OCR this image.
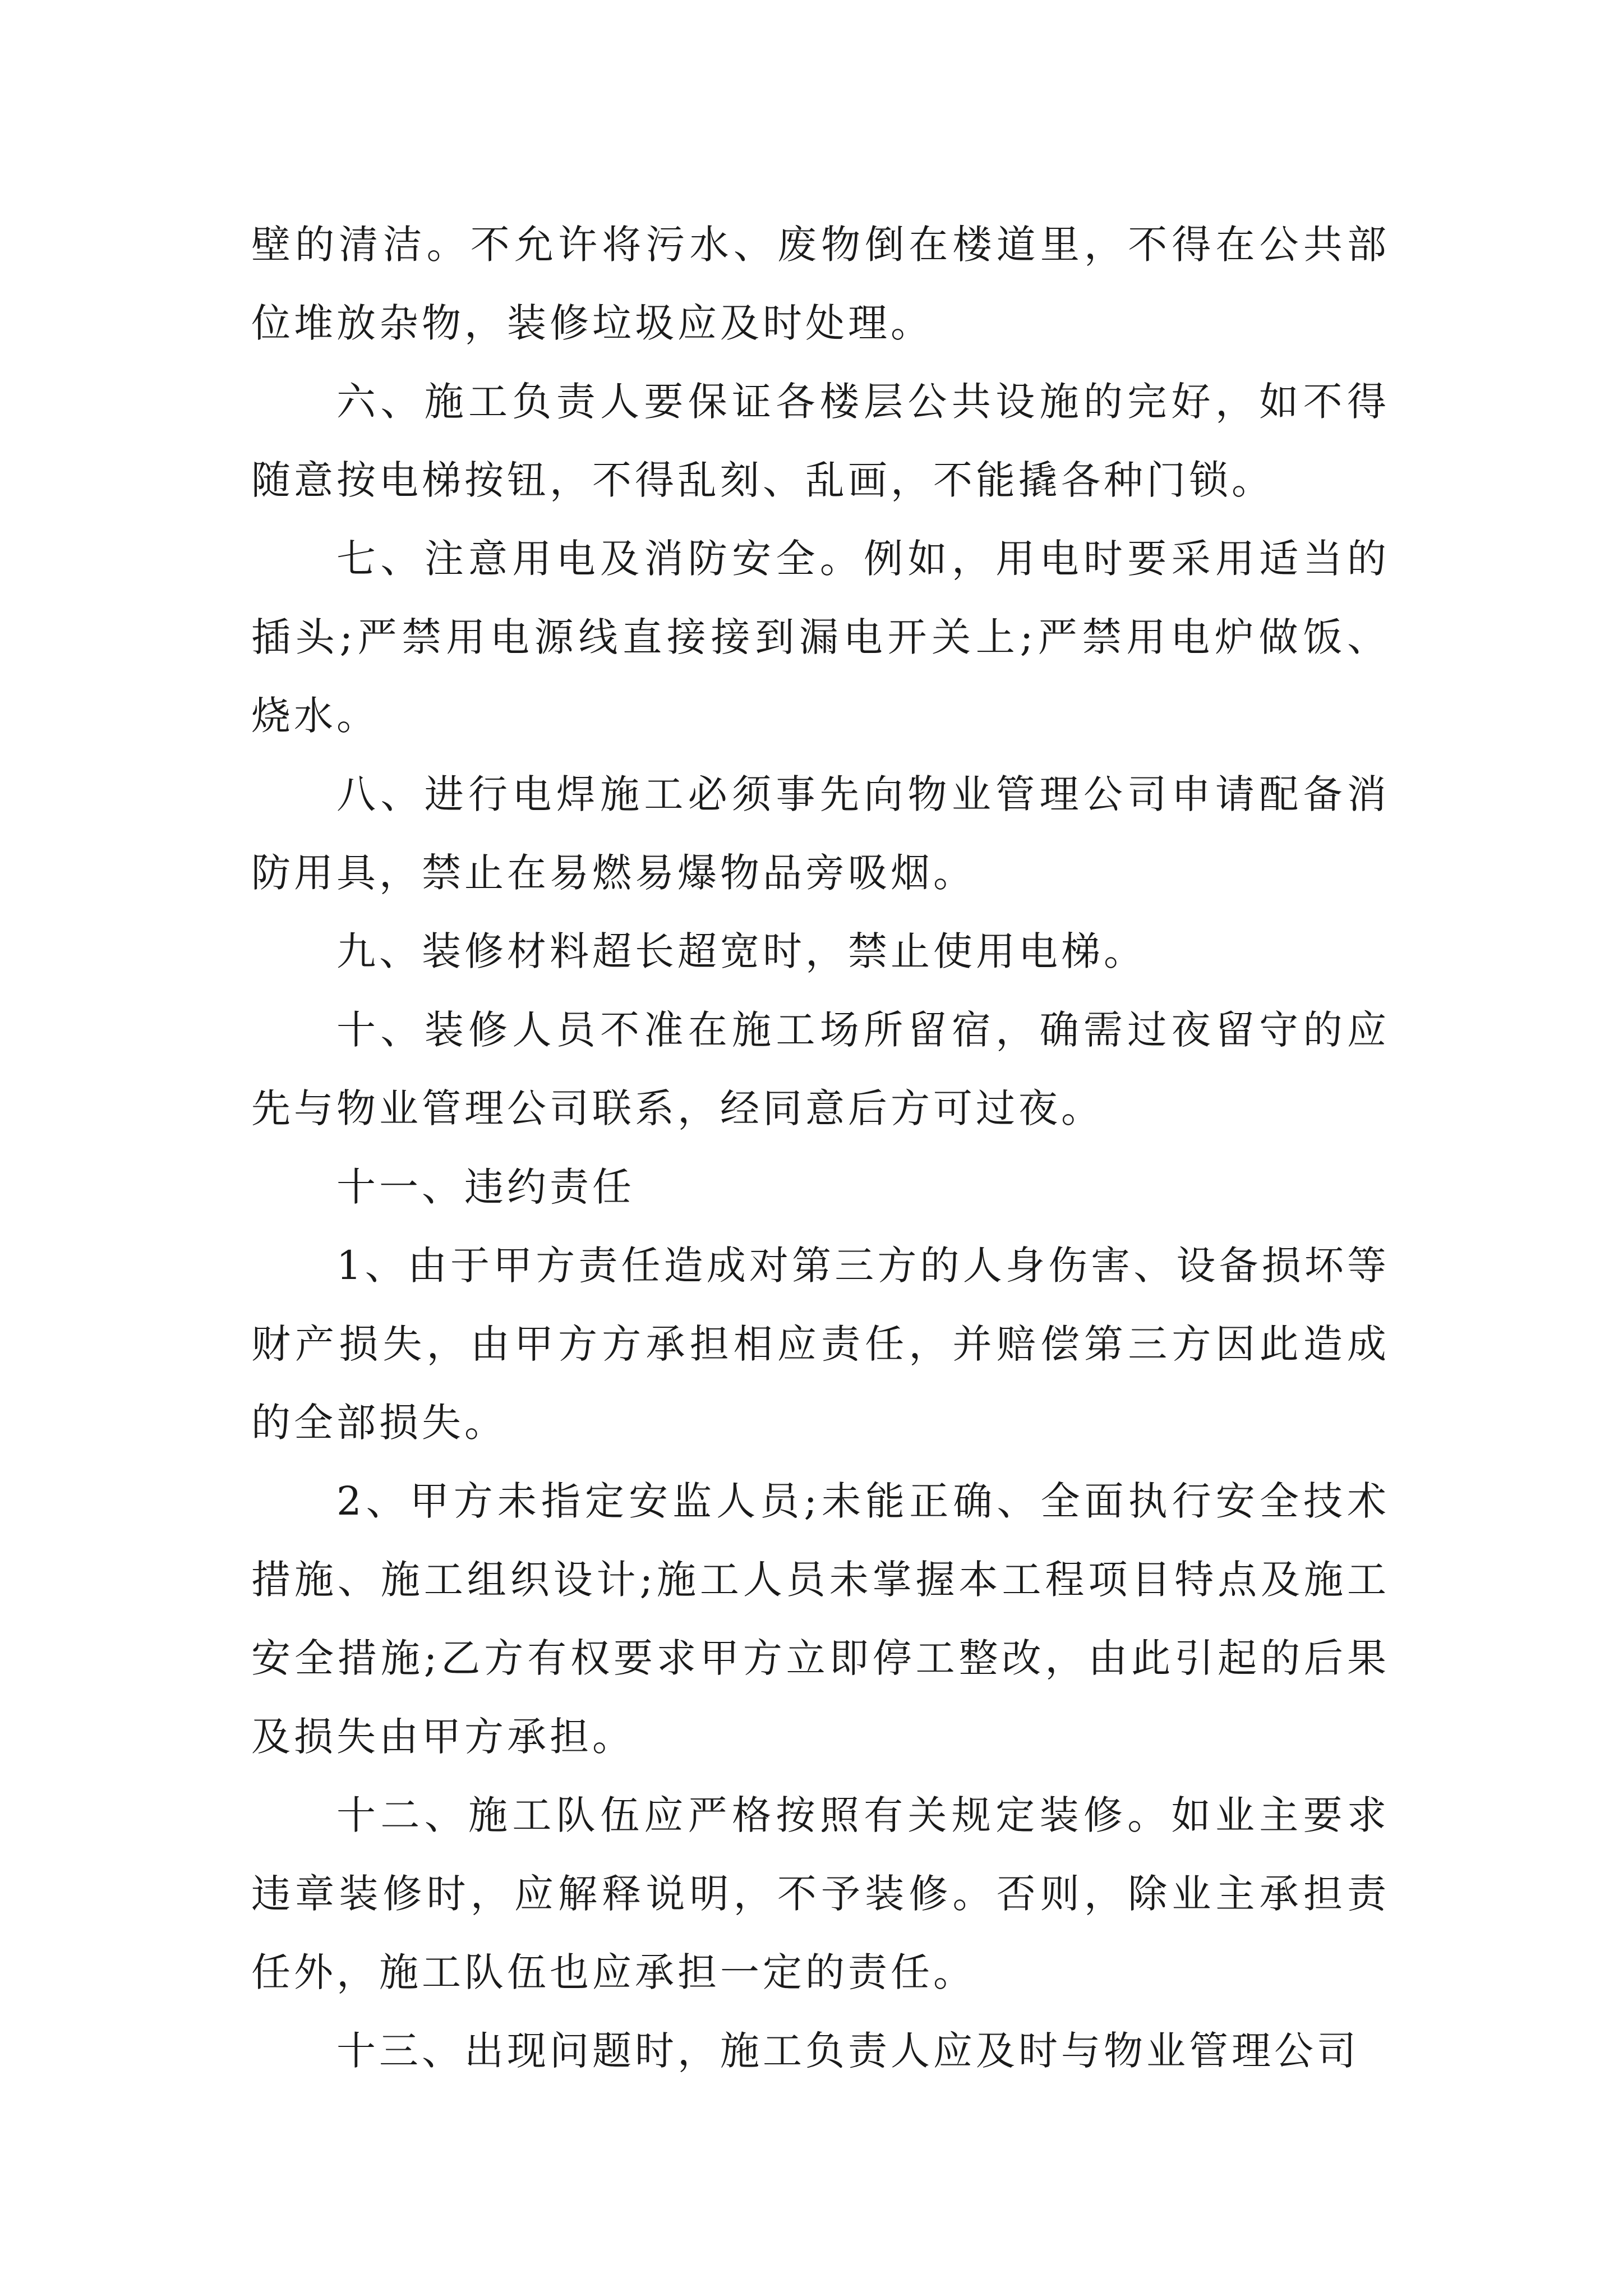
壁的清洁。不允许将污水、废物倒在楼道里，不得在公共部位堆放杂物，装修垃圾应及时处理。

六、施工负责人要保证各楼层公共设施的完好，如不得随意按电梯按钮，不得乱刻、乱画，不能撬各种门锁。

七、注意用电及消防安全。例如，用电时要采用适当的插头;严禁用电源线直接接到漏电开关上;严禁用电炉做饭、烧水。

八、进行电焊施工必须事先向物业管理公司申请配备消防用具，禁止在易燃易爆物品旁吸烟。

九、装修材料超长超宽时，禁止使用电梯。

十、装修人员不准在施工场所留宿，确需过夜留守的应先与物业管理公司联系，经同意后方可过夜。

十一、违约责任

1、由于甲方责任造成对第三方的人身伤害、设备损坏等财产损失，由甲方方承担相应责任，并赔偿第三方因此造成的全部损失。

2、甲方未指定安监人员;未能正确、全面执行安全技术措施、施工组织设计;施工人员未掌握本工程项目特点及施工安全措施;乙方有权要求甲方立即停工整改，由此引起的后果及损失由甲方承担。

十二、施工队伍应严格按照有关规定装修。如业主要求违章装修时，应解释说明，不予装修。否则，除业主承担责任外，施工队伍也应承担一定的责任。

十三、出现问题时，施工负责人应及时与物业管理公司
